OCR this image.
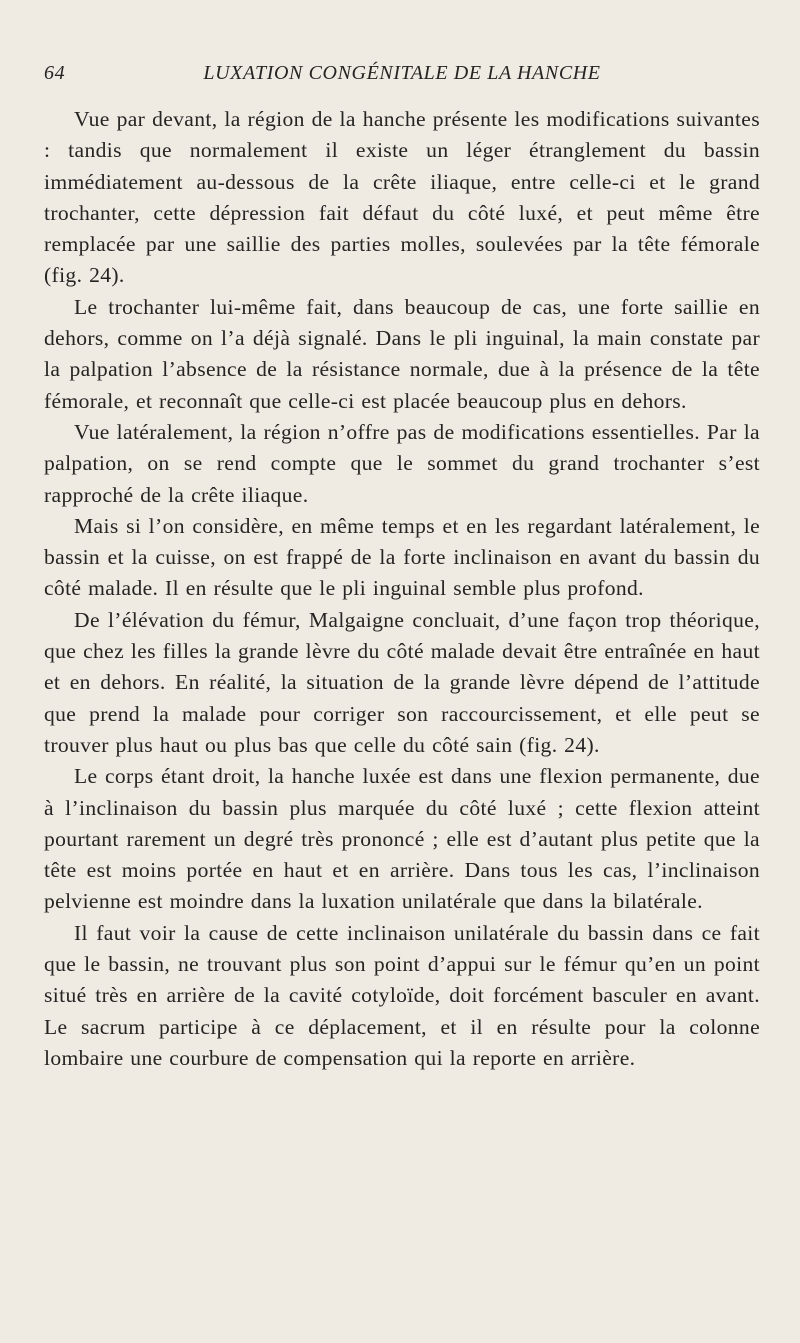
64	LUXATION CONGÉNITALE DE LA HANCHE

Vue par devant, la région de la hanche présente les modifications suivantes : tandis que normalement il existe un léger étranglement du bassin immédiatement au-dessous de la crête iliaque, entre celle-ci et le grand trochanter, cette dépression fait défaut du côté luxé, et peut même être remplacée par une saillie des parties molles, soulevées par la tête fémorale (fig. 24).

Le trochanter lui-même fait, dans beaucoup de cas, une forte saillie en dehors, comme on l’a déjà signalé. Dans le pli inguinal, la main constate par la palpation l’absence de la résistance normale, due à la présence de la tête fémorale, et reconnaît que celle-ci est placée beaucoup plus en dehors.

Vue latéralement, la région n’offre pas de modifications essentielles. Par la palpation, on se rend compte que le sommet du grand trochanter s’est rapproché de la crête iliaque.

Mais si l’on considère, en même temps et en les regardant latéralement, le bassin et la cuisse, on est frappé de la forte inclinaison en avant du bassin du côté malade. Il en résulte que le pli inguinal semble plus profond.

De l’élévation du fémur, Malgaigne concluait, d’une façon trop théorique, que chez les filles la grande lèvre du côté malade devait être entraînée en haut et en dehors. En réalité, la situation de la grande lèvre dépend de l’attitude que prend la malade pour corriger son raccourcissement, et elle peut se trouver plus haut ou plus bas que celle du côté sain (fig. 24).

Le corps étant droit, la hanche luxée est dans une flexion permanente, due à l’inclinaison du bassin plus marquée du côté luxé ; cette flexion atteint pourtant rarement un degré très prononcé ; elle est d’autant plus petite que la tête est moins portée en haut et en arrière. Dans tous les cas, l’inclinaison pelvienne est moindre dans la luxation unilatérale que dans la bilatérale.

Il faut voir la cause de cette inclinaison unilatérale du bassin dans ce fait que le bassin, ne trouvant plus son point d’appui sur le fémur qu’en un point situé très en arrière de la cavité cotyloïde, doit forcément basculer en avant. Le sacrum participe à ce déplacement, et il en résulte pour la colonne lombaire une courbure de compensation qui la reporte en arrière.
